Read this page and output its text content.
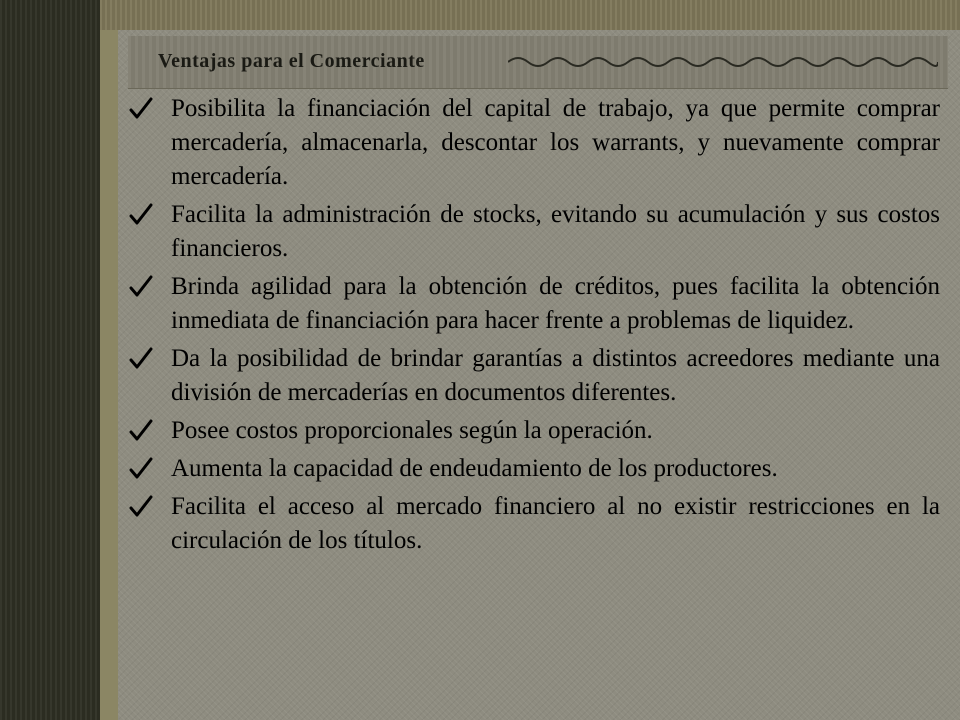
Ventajas para el Comerciante
Posibilita la financiación del capital de trabajo, ya que permite comprar mercadería, almacenarla, descontar los warrants, y nuevamente comprar mercadería.
Facilita la administración de stocks, evitando su acumulación y sus costos financieros.
Brinda agilidad para la obtención de créditos, pues facilita la obtención inmediata de financiación para hacer frente a problemas de liquidez.
Da la posibilidad de brindar garantías a distintos acreedores mediante una división de mercaderías en documentos diferentes.
Posee costos proporcionales según la operación.
Aumenta la capacidad de endeudamiento de los productores.
Facilita el acceso al mercado financiero al no existir restricciones en la circulación de los títulos.
